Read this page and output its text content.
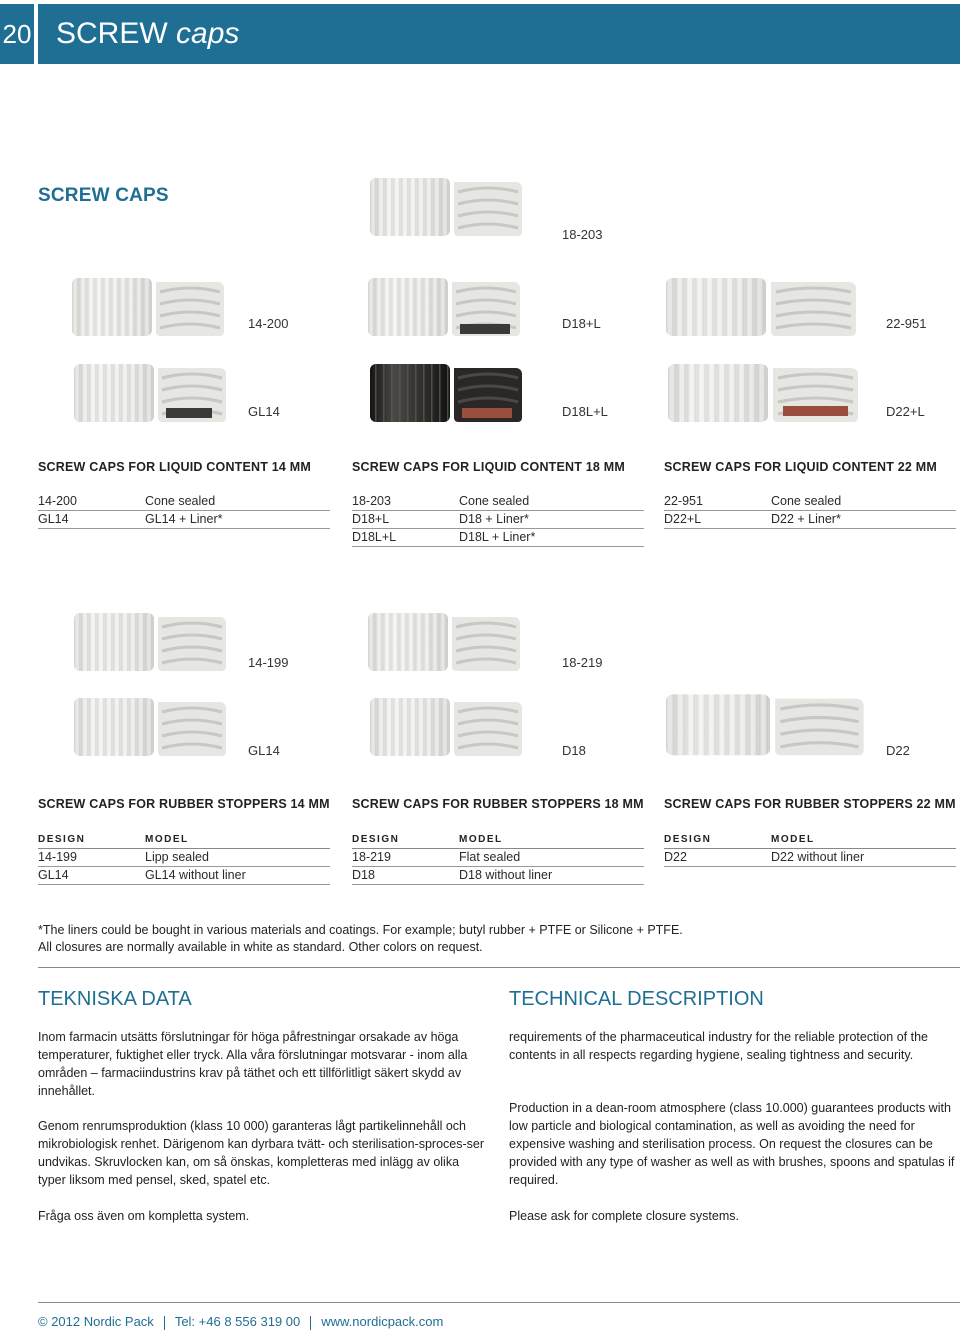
20 SCREW caps
SCREW CAPS
18-203
14-200	D18+L	22-951
GL14	D18L+L	D22+L
SCREW CAPS FOR LIQUID CONTENT 14 MM	SCREW CAPS FOR LIQUID CONTENT 18 MM	SCREW CAPS FOR LIQUID CONTENT 22 MM
14-200	Cone sealed
GL14	GL14 + Liner*
18-203	Cone sealed
D18+L	D18 + Liner*
D18L+L	D18L + Liner*
22-951	Cone sealed
D22+L	D22 + Liner*
14-199	18-219
GL14	D18	D22
SCREW CAPS FOR RUBBER STOPPERS 14 MM SCREW CAPS FOR RUBBER STOPPERS 18 MM SCREW CAPS FOR RUBBER STOPPERS 22 MM
DESIGN	MODEL
14-199	Lipp sealed
GL14	GL14 without liner
DESIGN	MODEL
18-219	Flat sealed
D18	D18 without liner
DESIGN	MODEL
D22	D22 without liner
*The liners could be bought in various materials and coatings. For example; butyl rubber + PTFE or Silicone + PTFE.
All closures are normally available in white as standard. Other colors on request.
TEKNISKA DATA

Inom farmacin utsätts förslutningar för höga påfrestningar orsakade av höga temperaturer, fuktighet eller tryck. Alla våra förslutningar motsvarar - inom alla områden – farmaciindustrins krav på täthet och ett tillförlitligt säkert skydd av innehållet.

Genom renrumsproduktion (klass 10 000) garanteras lågt partikelinnehåll och mikrobiologisk renhet. Därigenom kan dyrbara tvätt- och sterilisation-sproces-ser undvikas. Skruvlocken kan, om så önskas, kompletteras med inlägg av olika typer liksom med pensel, sked, spatel etc.

Fråga oss även om kompletta system.

TECHNICAL DESCRIPTION

requirements of the pharmaceutical industry for the reliable protection of the contents in all respects regarding hygiene, sealing tightness and security.

Production in a dean-room atmosphere (class 10.000) guarantees products with low particle and biological contamination, as well as avoiding the need for expensive washing and sterilisation process. On request the closures can be provided with any type of washer as well as with brushes, spoons and spatulas if required.

Please ask for complete closure systems.

© 2012 Nordic Pack Tel: +46 8 556 319 00 www.nordicpack.com
